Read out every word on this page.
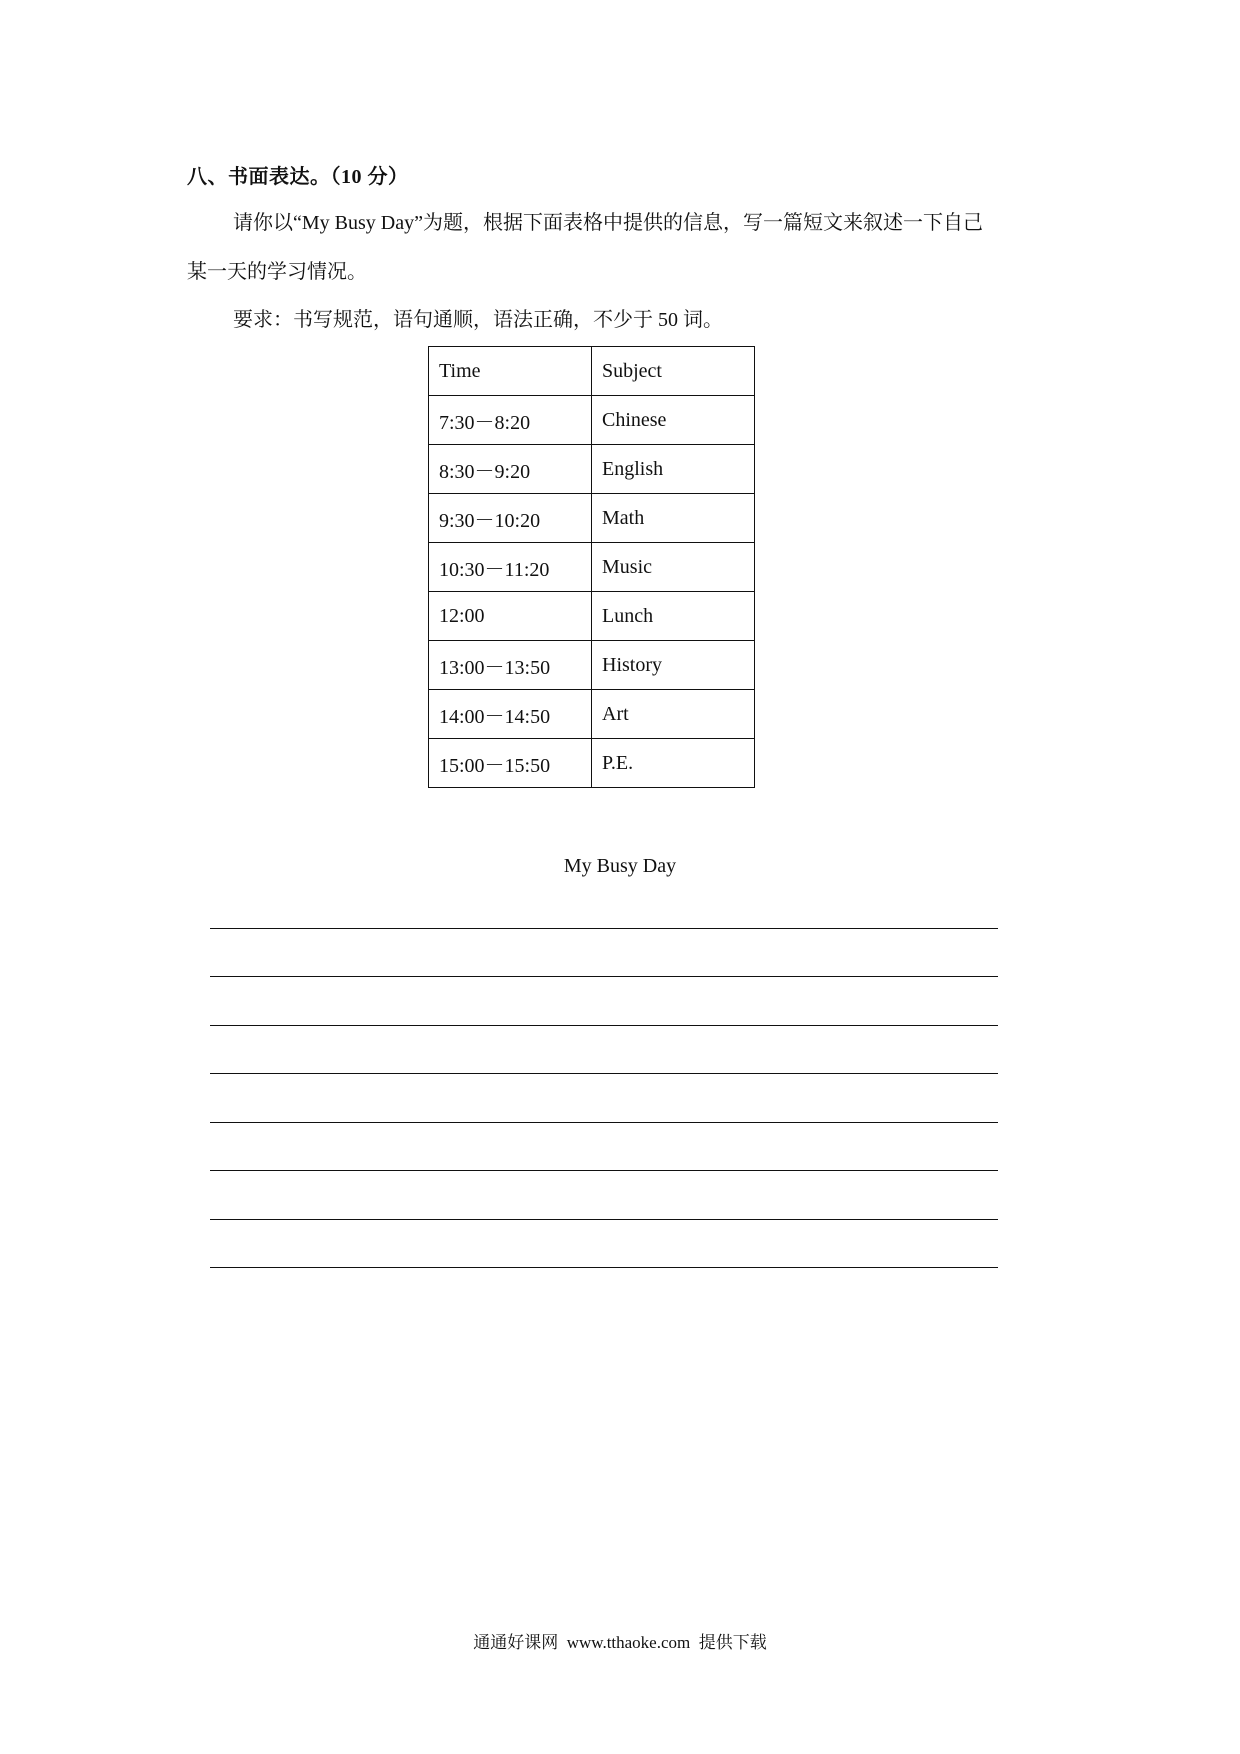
八、书面表达。（10 分）
请你以“My Busy Day”为题，根据下面表格中提供的信息，写一篇短文来叙述一下自己
某一天的学习情况。
要求：书写规范，语句通顺，语法正确，不少于 50 词。
Time	Subject
7:30－8:20	Chinese
8:30－9:20	English
9:30－10:20	Math
10:30－11:20	Music
12:00	Lunch
13:00－13:50	History
14:00－14:50	Art
15:00－15:50	P.E.
My Busy Day
通通好课网  www.tthaoke.com  提供下载
